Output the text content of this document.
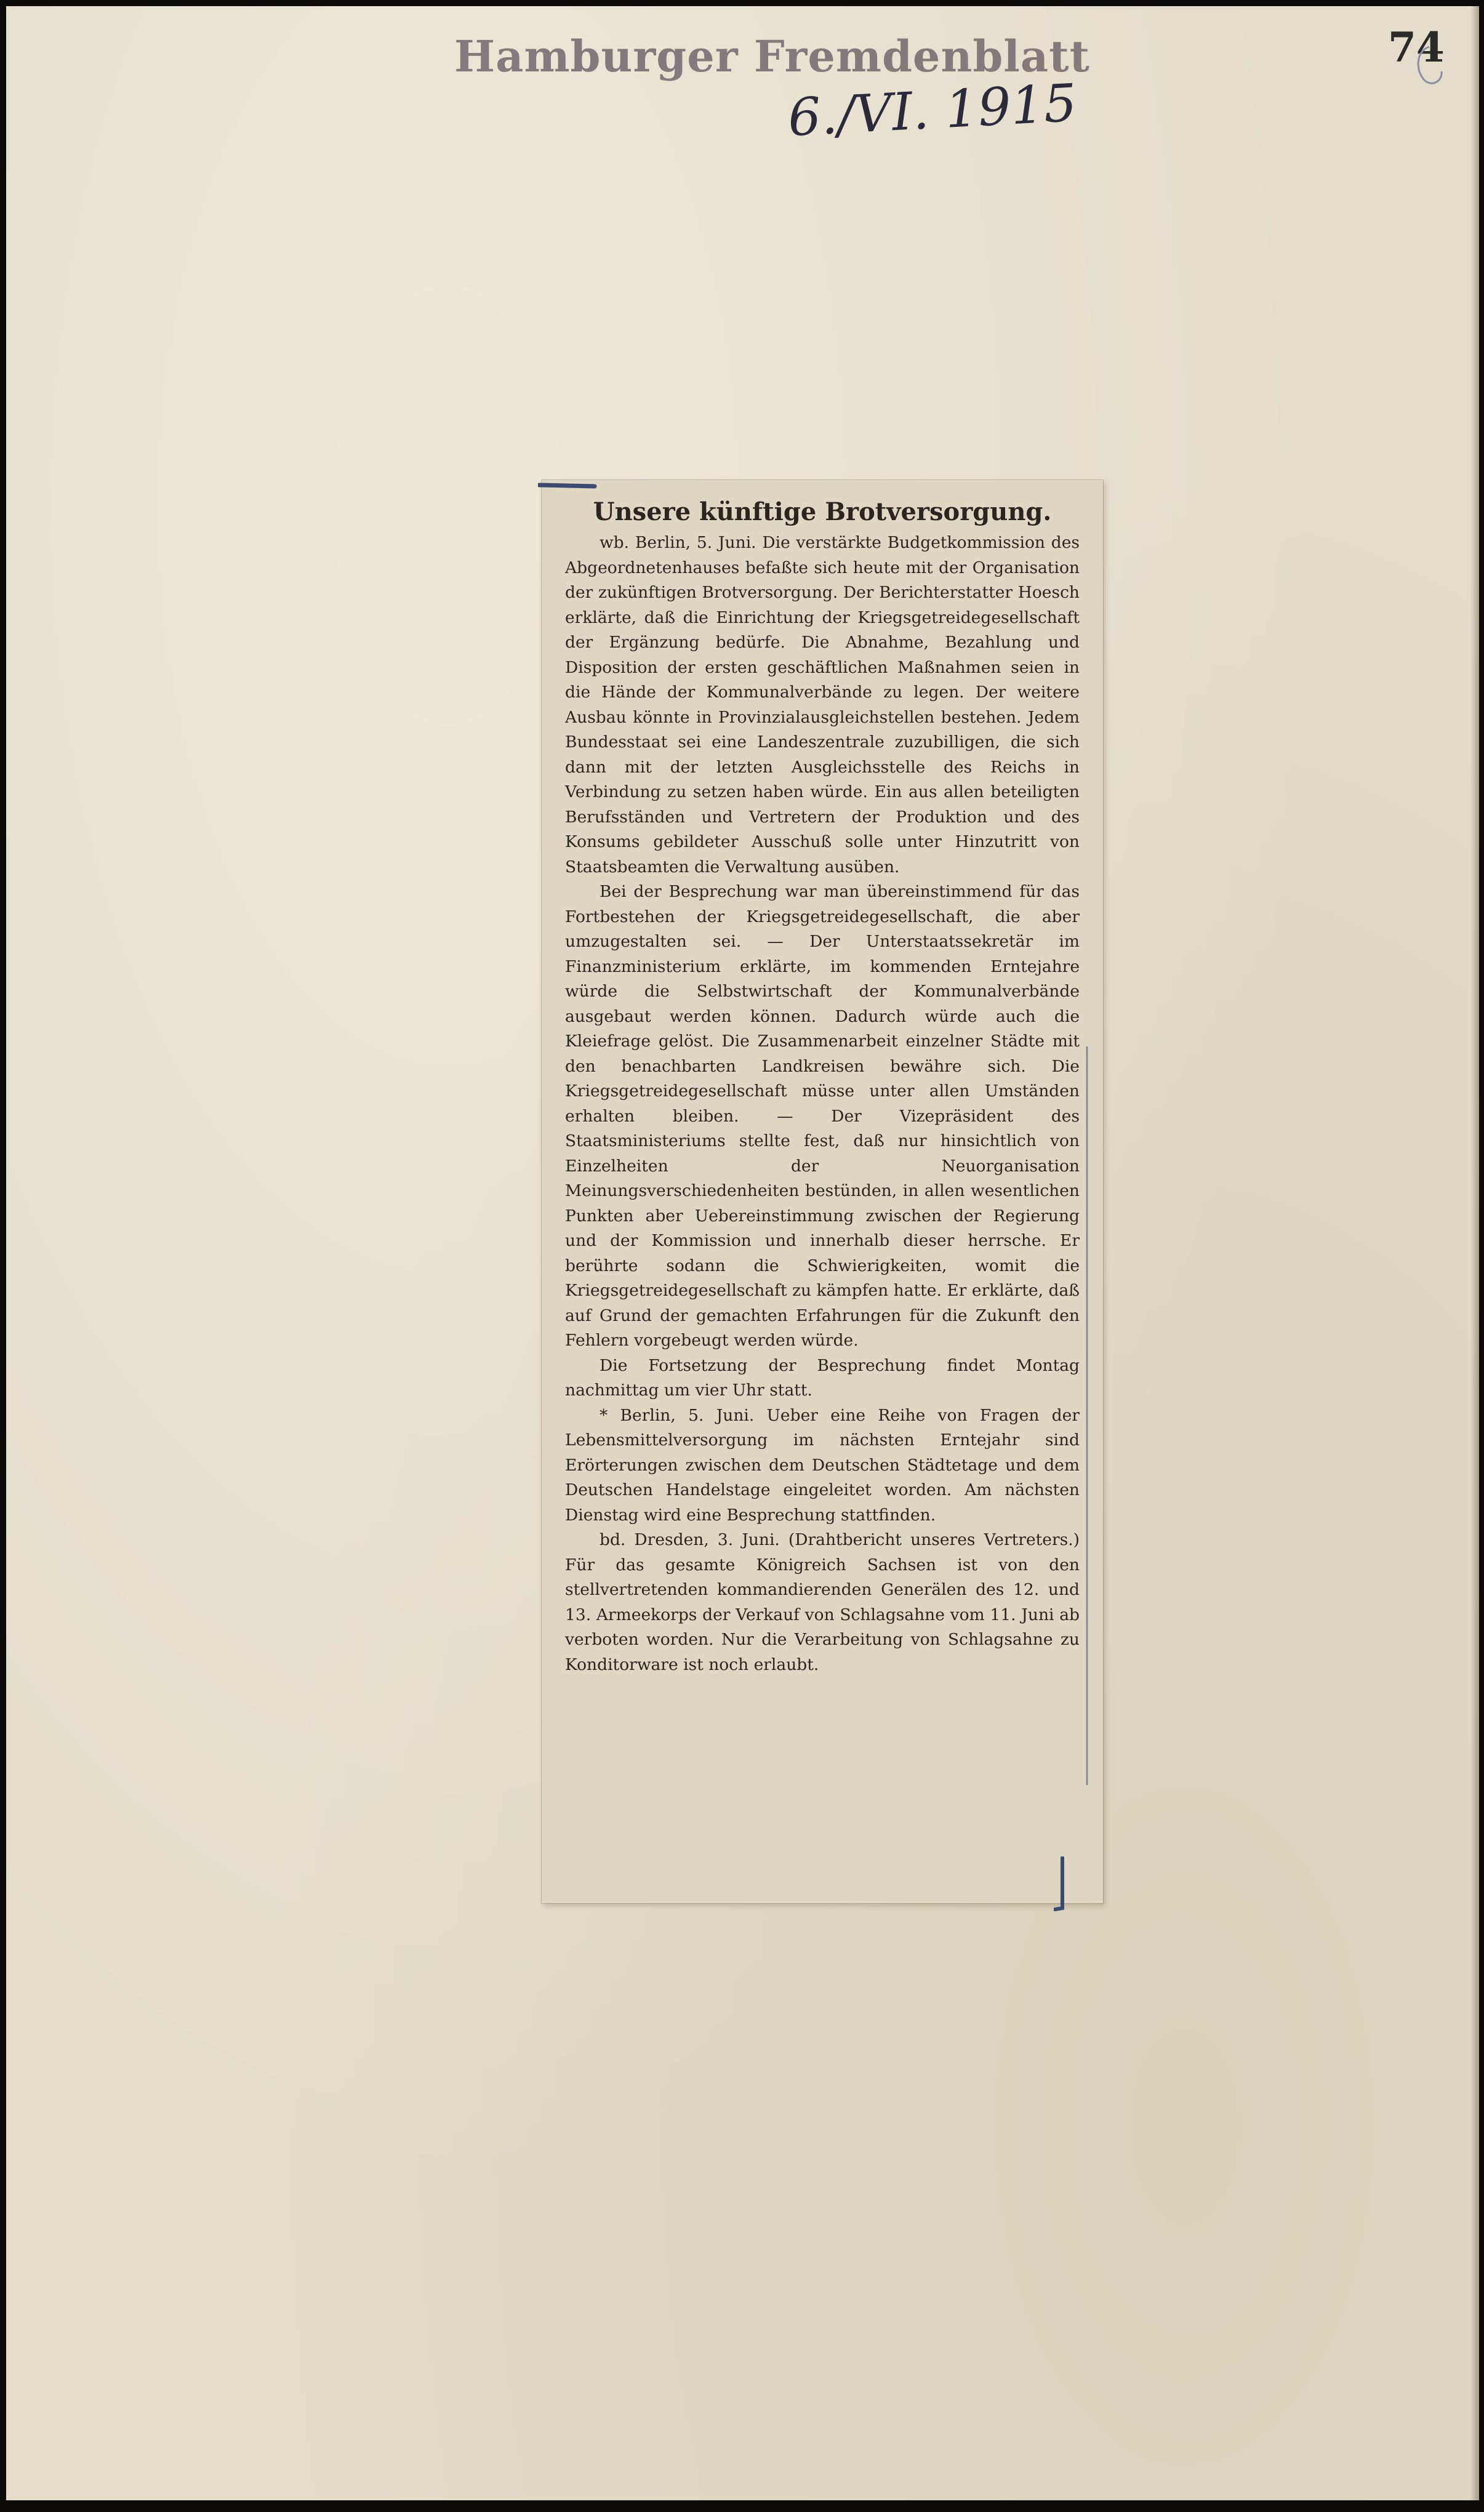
Hamburger Fremdenblatt
6./VI. 1915
74
Unsere künftige Brotversorgung.

wb. Berlin, 5. Juni. Die verstärkte Budgetkommission des Abgeordnetenhauses befaßte sich heute mit der Organisation der zukünftigen Brotversorgung. Der Berichterstatter Hoesch erklärte, daß die Einrichtung der Kriegsgetreidegesellschaft der Ergänzung bedürfe. Die Abnahme, Bezahlung und Disposition der ersten geschäftlichen Maßnahmen seien in die Hände der Kommunalverbände zu legen. Der weitere Ausbau könnte in Provinzialausgleichstellen bestehen. Jedem Bundesstaat sei eine Landeszentrale zuzubilligen, die sich dann mit der letzten Ausgleichsstelle des Reichs in Verbindung zu setzen haben würde. Ein aus allen beteiligten Berufsständen und Vertretern der Produktion und des Konsums gebildeter Ausschuß solle unter Hinzutritt von Staatsbeamten die Verwaltung ausüben.

Bei der Besprechung war man übereinstimmend für das Fortbestehen der Kriegsgetreidegesellschaft, die aber umzugestalten sei. — Der Unterstaatssekretär im Finanzministerium erklärte, im kommenden Erntejahre würde die Selbstwirtschaft der Kommunalverbände ausgebaut werden können. Dadurch würde auch die Kleiefrage gelöst. Die Zusammenarbeit einzelner Städte mit den benachbarten Landkreisen bewähre sich. Die Kriegsgetreidegesellschaft müsse unter allen Umständen erhalten bleiben. — Der Vizepräsident des Staatsministeriums stellte fest, daß nur hinsichtlich von Einzelheiten der Neuorganisation Meinungsverschiedenheiten bestünden, in allen wesentlichen Punkten aber Uebereinstimmung zwischen der Regierung und der Kommission und innerhalb dieser herrsche. Er berührte sodann die Schwierigkeiten, womit die Kriegsgetreidegesellschaft zu kämpfen hatte. Er erklärte, daß auf Grund der gemachten Erfahrungen für die Zukunft den Fehlern vorgebeugt werden würde.

Die Fortsetzung der Besprechung findet Montag nachmittag um vier Uhr statt.

* Berlin, 5. Juni. Ueber eine Reihe von Fragen der Lebensmittelversorgung im nächsten Erntejahr sind Erörterungen zwischen dem Deutschen Städtetage und dem Deutschen Handelstage eingeleitet worden. Am nächsten Dienstag wird eine Besprechung stattfinden.

bd. Dresden, 3. Juni. (Drahtbericht unseres Vertreters.) Für das gesamte Königreich Sachsen ist von den stellvertretenden kommandierenden Generälen des 12. und 13. Armeekorps der Verkauf von Schlagsahne vom 11. Juni ab verboten worden. Nur die Verarbeitung von Schlagsahne zu Konditorware ist noch erlaubt.
